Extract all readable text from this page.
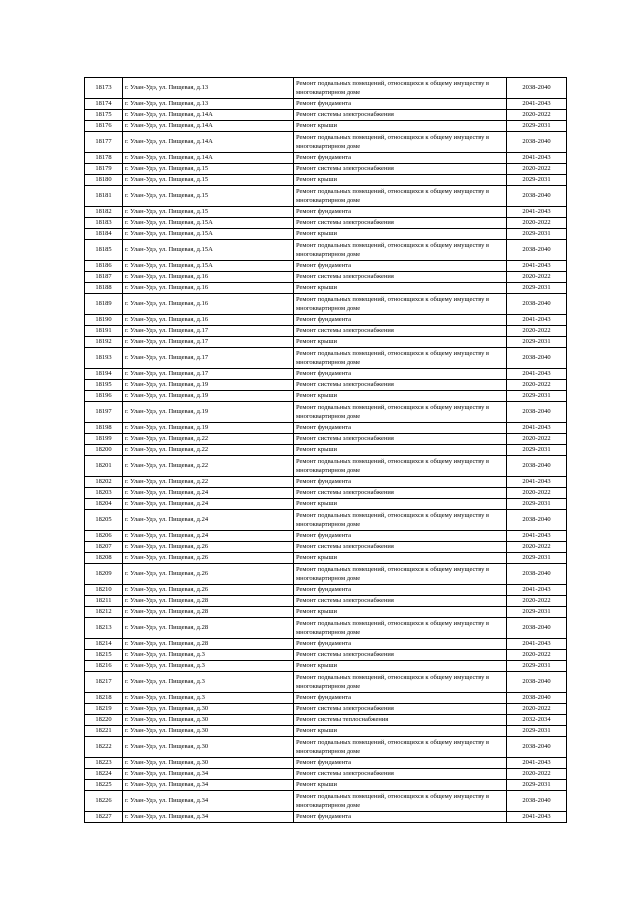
18173	г. Улан-Удэ, ул. Пищевая, д.13	Ремонт подвальных помещений, относящихся к общему имуществу в многоквартирном доме	2038-2040
18174	г. Улан-Удэ, ул. Пищевая, д.13	Ремонт фундамента	2041-2043
18175	г. Улан-Удэ, ул. Пищевая, д.14А	Ремонт системы электроснабжения	2020-2022
18176	г. Улан-Удэ, ул. Пищевая, д.14А	Ремонт крыши	2029-2031
18177	г. Улан-Удэ, ул. Пищевая, д.14А	Ремонт подвальных помещений, относящихся к общему имуществу в многоквартирном доме	2038-2040
18178	г. Улан-Удэ, ул. Пищевая, д.14А	Ремонт фундамента	2041-2043
18179	г. Улан-Удэ, ул. Пищевая, д.15	Ремонт системы электроснабжения	2020-2022
18180	г. Улан-Удэ, ул. Пищевая, д.15	Ремонт крыши	2029-2031
18181	г. Улан-Удэ, ул. Пищевая, д.15	Ремонт подвальных помещений, относящихся к общему имуществу в многоквартирном доме	2038-2040
18182	г. Улан-Удэ, ул. Пищевая, д.15	Ремонт фундамента	2041-2043
18183	г. Улан-Удэ, ул. Пищевая, д.15А	Ремонт системы электроснабжения	2020-2022
18184	г. Улан-Удэ, ул. Пищевая, д.15А	Ремонт крыши	2029-2031
18185	г. Улан-Удэ, ул. Пищевая, д.15А	Ремонт подвальных помещений, относящихся к общему имуществу в многоквартирном доме	2038-2040
18186	г. Улан-Удэ, ул. Пищевая, д.15А	Ремонт фундамента	2041-2043
18187	г. Улан-Удэ, ул. Пищевая, д.16	Ремонт системы электроснабжения	2020-2022
18188	г. Улан-Удэ, ул. Пищевая, д.16	Ремонт крыши	2029-2031
18189	г. Улан-Удэ, ул. Пищевая, д.16	Ремонт подвальных помещений, относящихся к общему имуществу в многоквартирном доме	2038-2040
18190	г. Улан-Удэ, ул. Пищевая, д.16	Ремонт фундамента	2041-2043
18191	г. Улан-Удэ, ул. Пищевая, д.17	Ремонт системы электроснабжения	2020-2022
18192	г. Улан-Удэ, ул. Пищевая, д.17	Ремонт крыши	2029-2031
18193	г. Улан-Удэ, ул. Пищевая, д.17	Ремонт подвальных помещений, относящихся к общему имуществу в многоквартирном доме	2038-2040
18194	г. Улан-Удэ, ул. Пищевая, д.17	Ремонт фундамента	2041-2043
18195	г. Улан-Удэ, ул. Пищевая, д.19	Ремонт системы электроснабжения	2020-2022
18196	г. Улан-Удэ, ул. Пищевая, д.19	Ремонт крыши	2029-2031
18197	г. Улан-Удэ, ул. Пищевая, д.19	Ремонт подвальных помещений, относящихся к общему имуществу в многоквартирном доме	2038-2040
18198	г. Улан-Удэ, ул. Пищевая, д.19	Ремонт фундамента	2041-2043
18199	г. Улан-Удэ, ул. Пищевая, д.22	Ремонт системы электроснабжения	2020-2022
18200	г. Улан-Удэ, ул. Пищевая, д.22	Ремонт крыши	2029-2031
18201	г. Улан-Удэ, ул. Пищевая, д.22	Ремонт подвальных помещений, относящихся к общему имуществу в многоквартирном доме	2038-2040
18202	г. Улан-Удэ, ул. Пищевая, д.22	Ремонт фундамента	2041-2043
18203	г. Улан-Удэ, ул. Пищевая, д.24	Ремонт системы электроснабжения	2020-2022
18204	г. Улан-Удэ, ул. Пищевая, д.24	Ремонт крыши	2029-2031
18205	г. Улан-Удэ, ул. Пищевая, д.24	Ремонт подвальных помещений, относящихся к общему имуществу в многоквартирном доме	2038-2040
18206	г. Улан-Удэ, ул. Пищевая, д.24	Ремонт фундамента	2041-2043
18207	г. Улан-Удэ, ул. Пищевая, д.26	Ремонт системы электроснабжения	2020-2022
18208	г. Улан-Удэ, ул. Пищевая, д.26	Ремонт крыши	2029-2031
18209	г. Улан-Удэ, ул. Пищевая, д.26	Ремонт подвальных помещений, относящихся к общему имуществу в многоквартирном доме	2038-2040
18210	г. Улан-Удэ, ул. Пищевая, д.26	Ремонт фундамента	2041-2043
18211	г. Улан-Удэ, ул. Пищевая, д.28	Ремонт системы электроснабжения	2020-2022
18212	г. Улан-Удэ, ул. Пищевая, д.28	Ремонт крыши	2029-2031
18213	г. Улан-Удэ, ул. Пищевая, д.28	Ремонт подвальных помещений, относящихся к общему имуществу в многоквартирном доме	2038-2040
18214	г. Улан-Удэ, ул. Пищевая, д.28	Ремонт фундамента	2041-2043
18215	г. Улан-Удэ, ул. Пищевая, д.3	Ремонт системы электроснабжения	2020-2022
18216	г. Улан-Удэ, ул. Пищевая, д.3	Ремонт крыши	2029-2031
18217	г. Улан-Удэ, ул. Пищевая, д.3	Ремонт подвальных помещений, относящихся к общему имуществу в многоквартирном доме	2038-2040
18218	г. Улан-Удэ, ул. Пищевая, д.3	Ремонт фундамента	2038-2040
18219	г. Улан-Удэ, ул. Пищевая, д.30	Ремонт системы электроснабжения	2020-2022
18220	г. Улан-Удэ, ул. Пищевая, д.30	Ремонт системы теплоснабжения	2032-2034
18221	г. Улан-Удэ, ул. Пищевая, д.30	Ремонт крыши	2029-2031
18222	г. Улан-Удэ, ул. Пищевая, д.30	Ремонт подвальных помещений, относящихся к общему имуществу в многоквартирном доме	2038-2040
18223	г. Улан-Удэ, ул. Пищевая, д.30	Ремонт фундамента	2041-2043
18224	г. Улан-Удэ, ул. Пищевая, д.34	Ремонт системы электроснабжения	2020-2022
18225	г. Улан-Удэ, ул. Пищевая, д.34	Ремонт крыши	2029-2031
18226	г. Улан-Удэ, ул. Пищевая, д.34	Ремонт подвальных помещений, относящихся к общему имуществу в многоквартирном доме	2038-2040
18227	г. Улан-Удэ, ул. Пищевая, д.34	Ремонт фундамента	2041-2043
